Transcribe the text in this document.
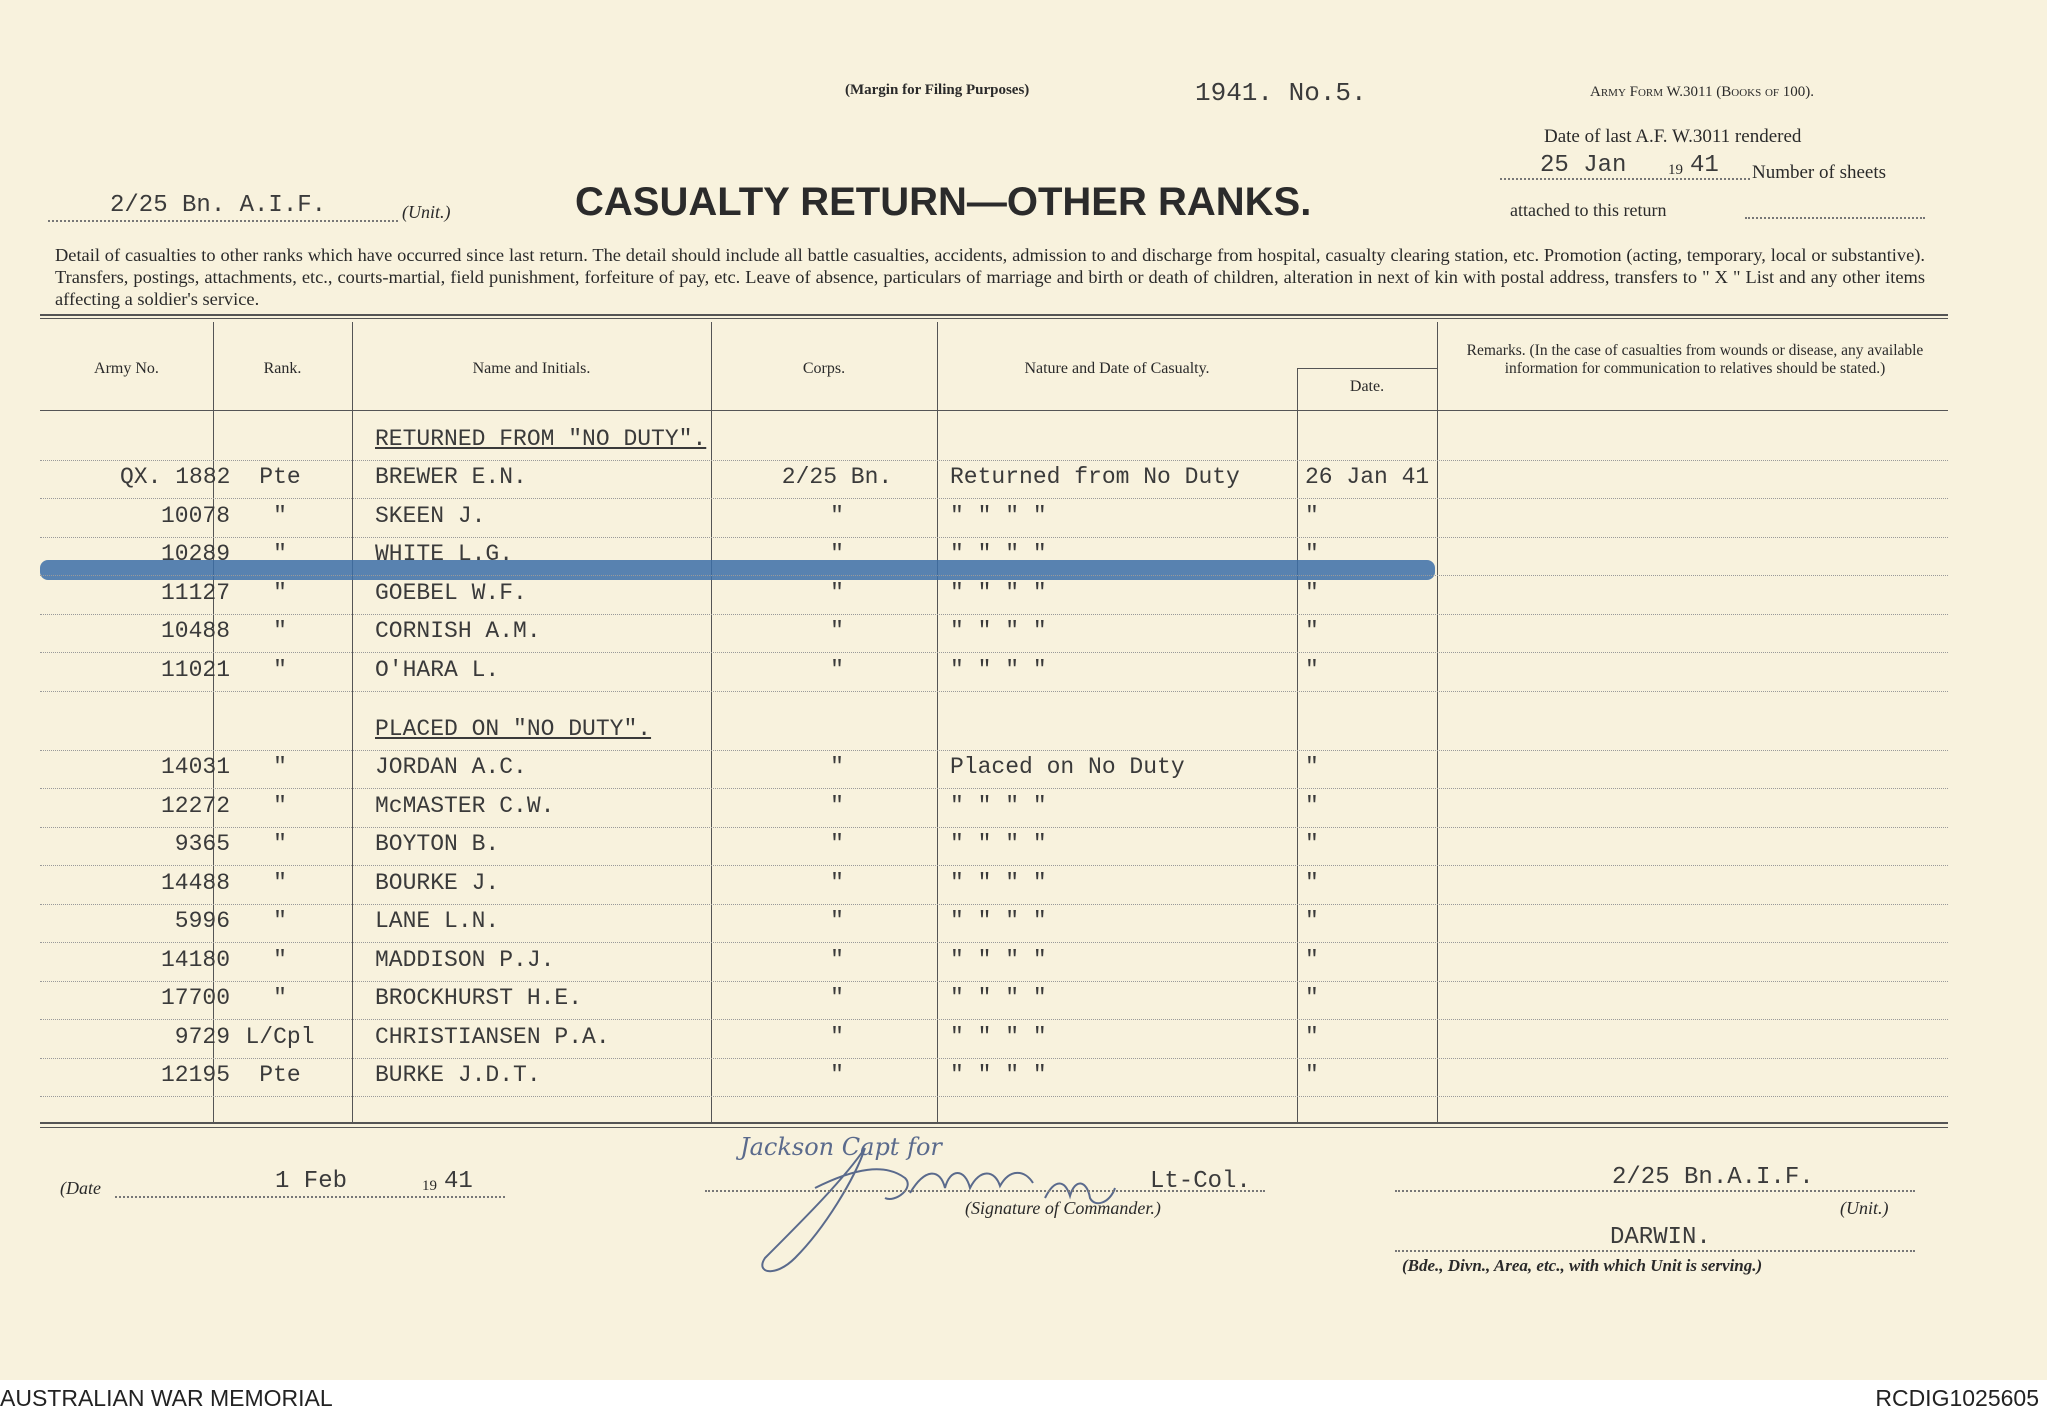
(Margin for Filing Purposes)	1941. No.5.	Army Form W.3011 (Books of 100).
Date of last A.F. W.3011 rendered
25 Jan	19 41 Number of sheets
attached to this return
2/25 Bn. A.I.F.	(Unit.)	CASUALTY RETURN—OTHER RANKS.
Detail of casualties to other ranks which have occurred since last return. The detail should include all battle casualties, accidents, admission to and discharge from hospital, casualty clearing station, etc. Promotion (acting, temporary, local or substantive). Transfers, postings, attachments, etc., courts-martial, field punishment, forfeiture of pay, etc. Leave of absence, particulars of marriage and birth or death of children, alteration in next of kin with postal address, transfers to " X " List and any other items affecting a soldier's service.
Army No.	Rank.	Name and Initials.	Corps.	Nature and Date of Casualty.
Date.
Remarks. (In the case of casualties from wounds or disease, any available information for communication to relatives should be stated.)
RETURNED FROM "NO DUTY".
PLACED ON "NO DUTY".
(Date	1 Feb	19 41
Jackson Capt for
Lt-Col.
(Signature of Commander.)
2/25 Bn.A.I.F.
(Unit.)
DARWIN.
(Bde., Divn., Area, etc., with which Unit is serving.)
QX. 1882	Pte	BREWER E.N.	2/25 Bn.	Returned from No Duty	26 Jan 41
10078	"	SKEEN J.	"	" " " "	"
10289	"	WHITE L.G.	"	" " " "	"
11127	"	GOEBEL W.F.	"	" " " "	"
10488	"	CORNISH A.M.	"	" " " "	"
11021	"	O'HARA L.	"	" " " "	"
14031	"	JORDAN A.C.	"	Placed on No Duty	"
12272	"	McMASTER C.W.	"	" " " "	"
9365	"	BOYTON B.	"	" " " "	"
14488	"	BOURKE J.	"	" " " "	"
5996	"	LANE L.N.	"	" " " "	"
14180	"	MADDISON P.J.	"	" " " "	"
17700	"	BROCKHURST H.E.	"	" " " "	"
9729 L/Cpl	CHRISTIANSEN P.A.	"	" " " "	"
12195	Pte	BURKE J.D.T.	"	" " " "	"
AUSTRALIAN WAR MEMORIAL	RCDIG1025605
